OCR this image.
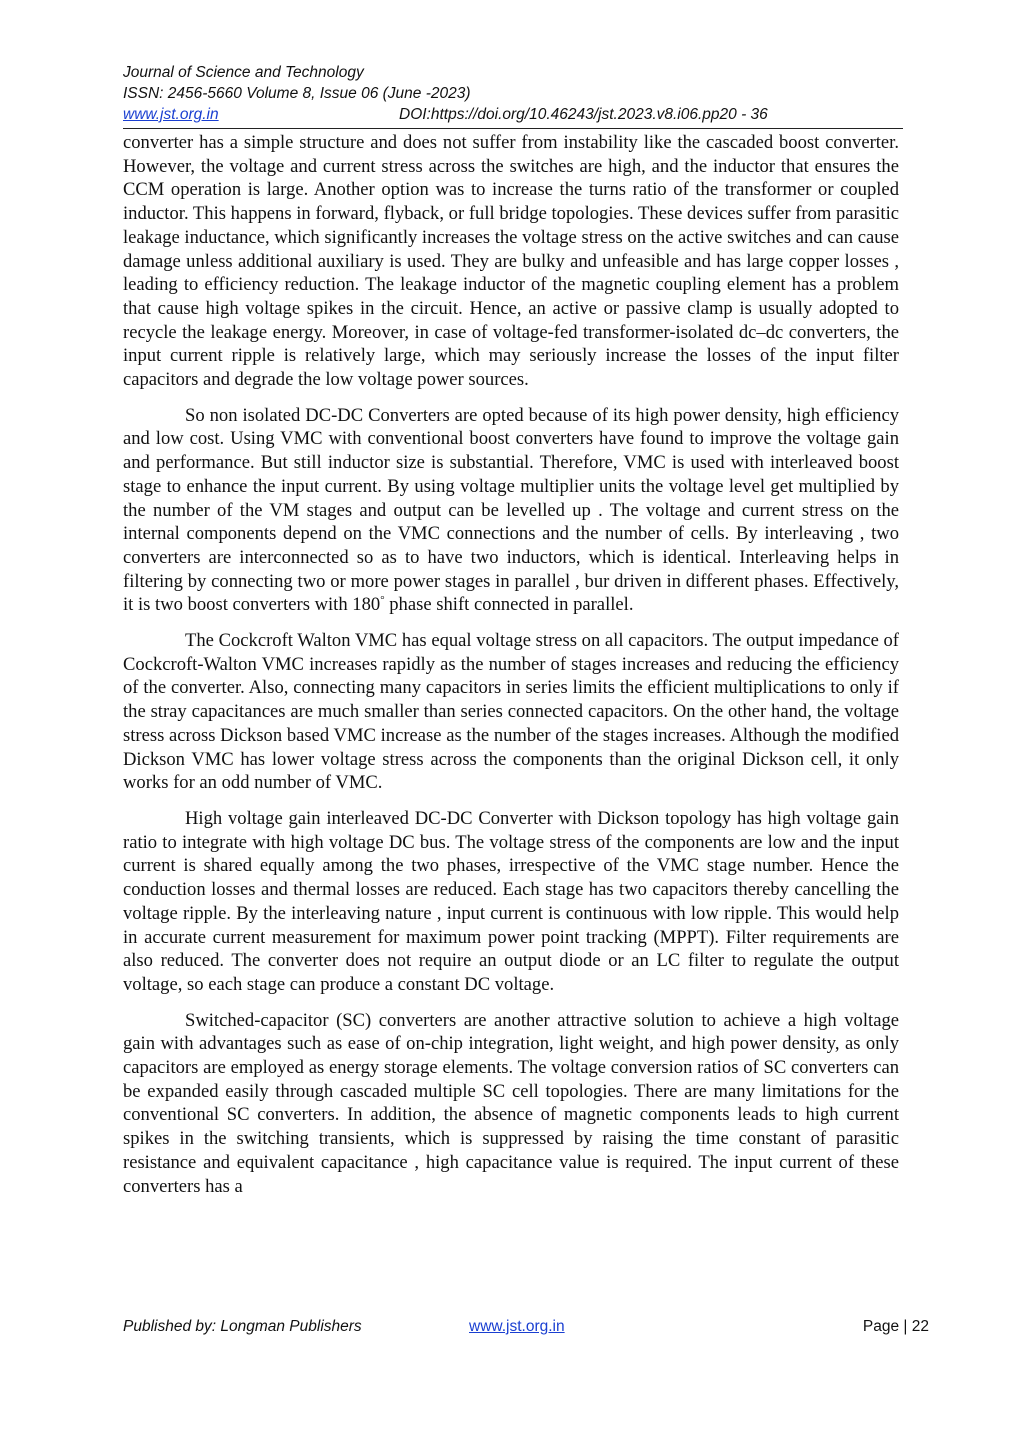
Journal of Science and Technology
ISSN: 2456-5660 Volume 8, Issue 06 (June -2023)
www.jst.org.in	DOI:https://doi.org/10.46243/jst.2023.v8.i06.pp20 - 36

converter has a simple structure and does not suffer from instability like the cascaded boost converter. However, the voltage and current stress across the switches are high, and the inductor that ensures the CCM operation is large. Another option was to increase the turns ratio of the transformer or coupled inductor. This happens in forward, flyback, or full bridge topologies. These devices suffer from parasitic leakage inductance, which significantly increases the voltage stress on the active switches and can cause damage unless additional auxiliary is used. They are bulky and unfeasible and has large copper losses , leading to efficiency reduction. The leakage inductor of the magnetic coupling element has a problem that cause high voltage spikes in the circuit. Hence, an active or passive clamp is usually adopted to recycle the leakage energy. Moreover, in case of voltage-fed transformer-isolated dc–dc converters, the input current ripple is relatively large, which may seriously increase the losses of the input filter capacitors and degrade the low voltage power sources.

So non isolated DC-DC Converters are opted because of its high power density, high efficiency and low cost. Using VMC with conventional boost converters have found to improve the voltage gain and performance. But still inductor size is substantial. Therefore, VMC is used with interleaved boost stage to enhance the input current. By using voltage multiplier units the voltage level get multiplied by the number of the VM stages and output can be levelled up . The voltage and current stress on the internal components depend on the VMC connections and the number of cells. By interleaving , two converters are interconnected so as to have two inductors, which is identical. Interleaving helps in filtering by connecting two or more power stages in parallel , bur driven in different phases. Effectively, it is two boost converters with 180° phase shift connected in parallel.

The Cockcroft Walton VMC has equal voltage stress on all capacitors. The output impedance of Cockcroft-Walton VMC increases rapidly as the number of stages increases and reducing the efficiency of the converter. Also, connecting many capacitors in series limits the efficient multiplications to only if the stray capacitances are much smaller than series connected capacitors. On the other hand, the voltage stress across Dickson based VMC increase as the number of the stages increases. Although the modified Dickson VMC has lower voltage stress across the components than the original Dickson cell, it only works for an odd number of VMC.

High voltage gain interleaved DC-DC Converter with Dickson topology has high voltage gain ratio to integrate with high voltage DC bus. The voltage stress of the components are low and the input current is shared equally among the two phases, irrespective of the VMC stage number. Hence the conduction losses and thermal losses are reduced. Each stage has two capacitors thereby cancelling the voltage ripple. By the interleaving nature , input current is continuous with low ripple. This would help in accurate current measurement for maximum power point tracking (MPPT). Filter requirements are also reduced. The converter does not require an output diode or an LC filter to regulate the output voltage, so each stage can produce a constant DC voltage.

Switched-capacitor (SC) converters are another attractive solution to achieve a high voltage gain with advantages such as ease of on-chip integration, light weight, and high power density, as only capacitors are employed as energy storage elements. The voltage conversion ratios of SC converters can be expanded easily through cascaded multiple SC cell topologies. There are many limitations for the conventional SC converters. In addition, the absence of magnetic components leads to high current spikes in the switching transients, which is suppressed by raising the time constant of parasitic resistance and equivalent capacitance , high capacitance value is required. The input current of these converters has a

Published by: Longman Publishers	www.jst.org.in	Page | 22
